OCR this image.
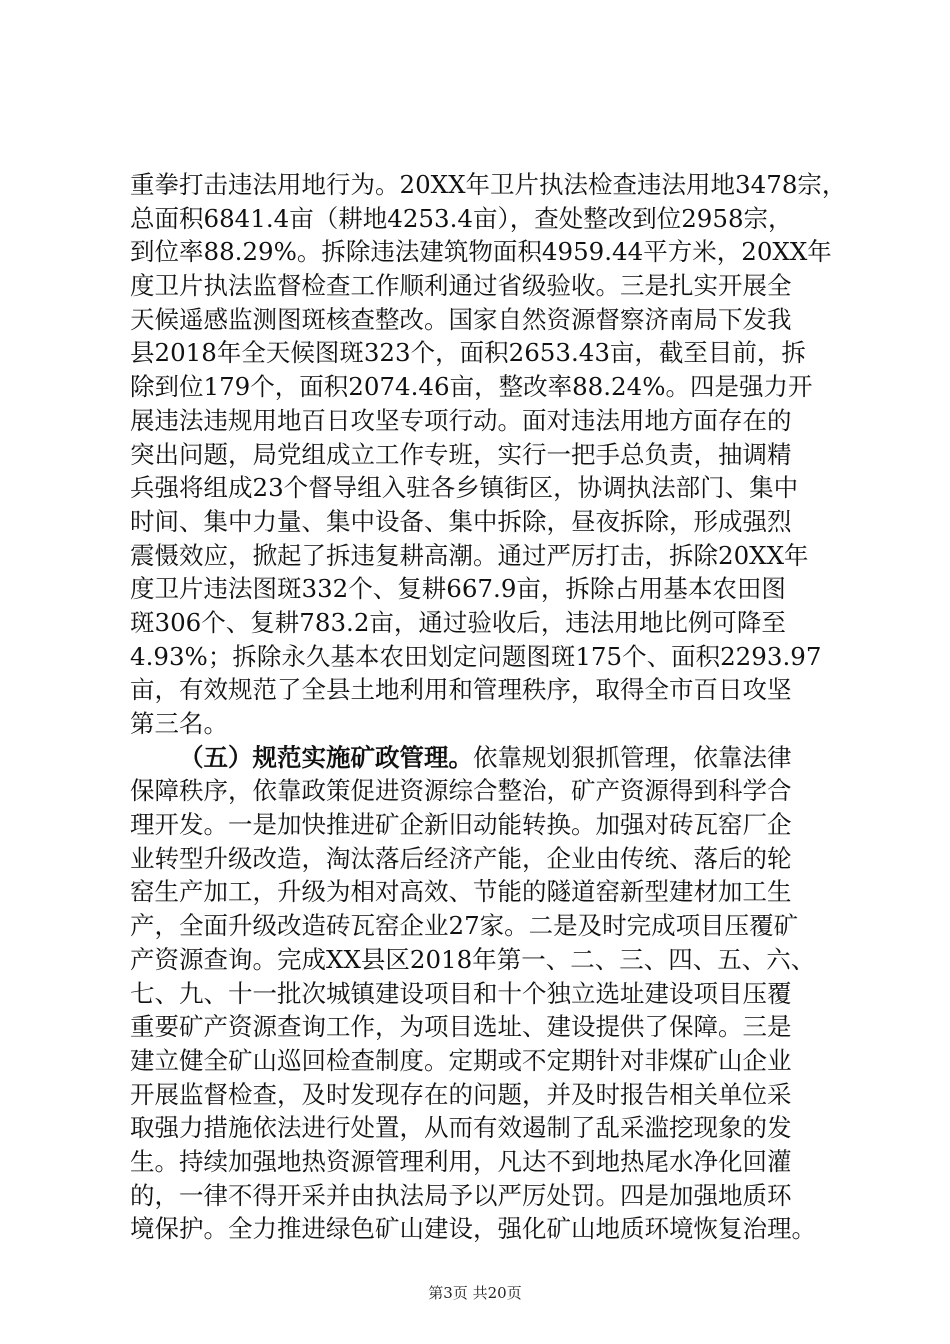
重拳打击违法用地行为。20XX年卫片执法检查违法用地3478宗，
总面积6841.4亩（耕地4253.4亩），查处整改到位2958宗，
到位率88.29%。拆除违法建筑物面积4959.44平方米，20XX年
度卫片执法监督检查工作顺利通过省级验收。三是扎实开展全
天候遥感监测图斑核查整改。国家自然资源督察济南局下发我
县2018年全天候图斑323个，面积2653.43亩，截至目前，拆
除到位179个，面积2074.46亩，整改率88.24%。四是强力开
展违法违规用地百日攻坚专项行动。面对违法用地方面存在的
突出问题，局党组成立工作专班，实行一把手总负责，抽调精
兵强将组成23个督导组入驻各乡镇街区，协调执法部门、集中
时间、集中力量、集中设备、集中拆除，昼夜拆除，形成强烈
震慑效应，掀起了拆违复耕高潮。通过严厉打击，拆除20XX年
度卫片违法图斑332个、复耕667.9亩，拆除占用基本农田图
斑306个、复耕783.2亩，通过验收后，违法用地比例可降至
4.93%；拆除永久基本农田划定问题图斑175个、面积2293.97
亩，有效规范了全县土地利用和管理秩序，取得全市百日攻坚
第三名。
（五）规范实施矿政管理。依靠规划狠抓管理，依靠法律
保障秩序，依靠政策促进资源综合整治，矿产资源得到科学合
理开发。一是加快推进矿企新旧动能转换。加强对砖瓦窑厂企
业转型升级改造，淘汰落后经济产能，企业由传统、落后的轮
窑生产加工，升级为相对高效、节能的隧道窑新型建材加工生
产，全面升级改造砖瓦窑企业27家。二是及时完成项目压覆矿
产资源查询。完成XX县区2018年第一、二、三、四、五、六、
七、九、十一批次城镇建设项目和十个独立选址建设项目压覆
重要矿产资源查询工作，为项目选址、建设提供了保障。三是
建立健全矿山巡回检查制度。定期或不定期针对非煤矿山企业
开展监督检查，及时发现存在的问题，并及时报告相关单位采
取强力措施依法进行处置，从而有效遏制了乱采滥挖现象的发
生。持续加强地热资源管理利用，凡达不到地热尾水净化回灌
的，一律不得开采并由执法局予以严厉处罚。四是加强地质环
境保护。全力推进绿色矿山建设，强化矿山地质环境恢复治理。
第3页 共20页
